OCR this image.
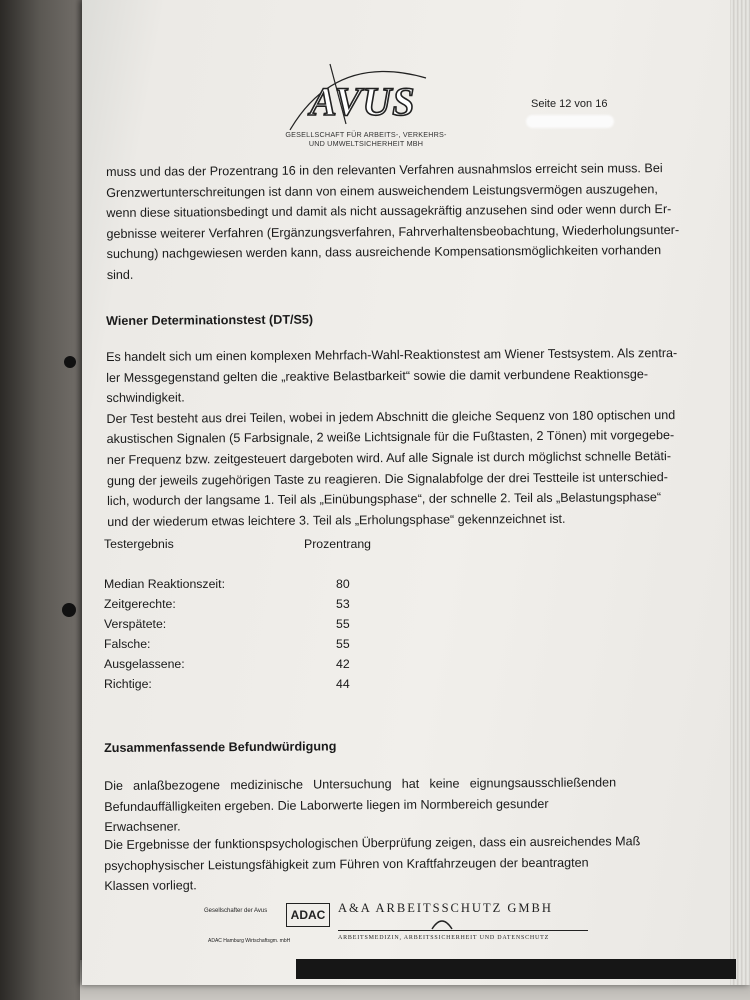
AVUS
GESELLSCHAFT FÜR ARBEITS-, VERKEHRS-
UND UMWELTSICHERHEIT MBH
Seite 12 von 16

muss und das der Prozentrang 16 in den relevanten Verfahren ausnahmslos erreicht sein muss. Bei

Grenzwertunterschreitungen ist dann von einem ausweichendem Leistungsvermögen auszugehen,

wenn diese situationsbedingt und damit als nicht aussagekräftig anzusehen sind oder wenn durch Er-

gebnisse weiterer Verfahren (Ergänzungsverfahren, Fahrverhaltensbeobachtung, Wiederholungsunter-

suchung) nachgewiesen werden kann, dass ausreichende Kompensationsmöglichkeiten vorhanden

sind.

Wiener Determinationstest (DT/S5)

Es handelt sich um einen komplexen Mehrfach-Wahl-Reaktionstest am Wiener Testsystem. Als zentra-

ler Messgegenstand gelten die „reaktive Belastbarkeit“ sowie die damit verbundene Reaktionsge-

schwindigkeit.

Der Test besteht aus drei Teilen, wobei in jedem Abschnitt die gleiche Sequenz von 180 optischen und

akustischen Signalen (5 Farbsignale, 2 weiße Lichtsignale für die Fußtasten, 2 Tönen) mit vorgegebe-

ner Frequenz bzw. zeitgesteuert dargeboten wird. Auf alle Signale ist durch möglichst schnelle Betäti-

gung der jeweils zugehörigen Taste zu reagieren. Die Signalabfolge der drei Testteile ist unterschied-

lich, wodurch der langsame 1. Teil als „Einübungsphase“, der schnelle 2. Teil als „Belastungsphase“

und der wiederum etwas leichtere 3. Teil als „Erholungsphase“ gekennzeichnet ist.

Testergebnis	Prozentrang
Median Reaktionszeit:	80
Zeitgerechte:	53
Verspätete:	55
Falsche:	55
Ausgelassene:	42
Richtige:	44
Zusammenfassende Befundwürdigung

Die anlaßbezogene medizinische Untersuchung hat keine eignungsausschließenden

Befundauffälligkeiten ergeben. Die Laborwerte liegen im Normbereich gesunder Erwachsener.

Die Ergebnisse der funktionspsychologischen Überprüfung zeigen, dass ein ausreichendes Maß

psychophysischer Leistungsfähigkeit zum Führen von Kraftfahrzeugen der beantragten Klassen vorliegt.

Gesellschafter der Avus
ADAC Hamburg Wirtschaftsgm. mbH
ADAC	A&A ARBEITSSCHUTZ GMBH
ARBEITSMEDIZIN, ARBEITSSICHERHEIT UND DATENSCHUTZ
